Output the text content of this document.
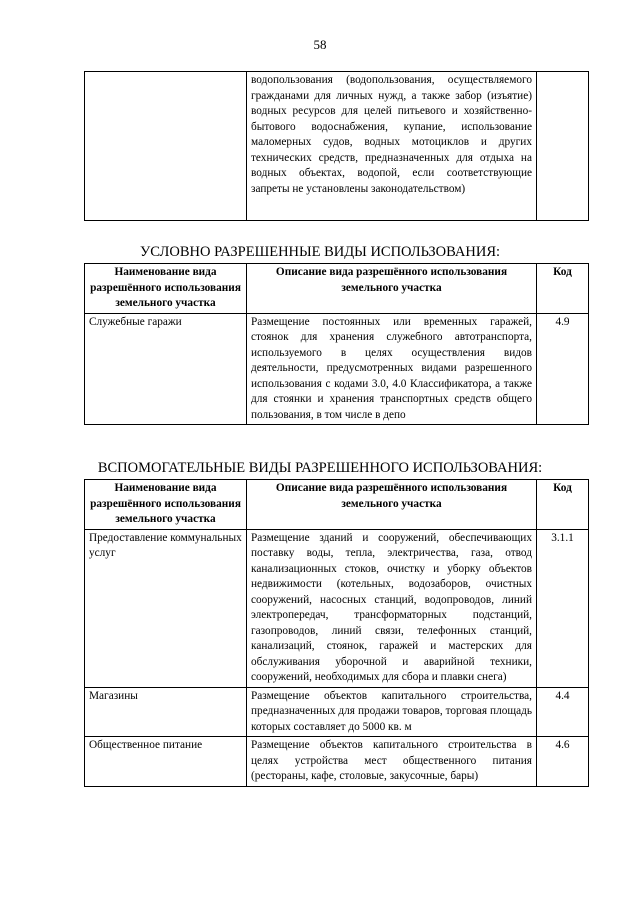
58
	водопользования (водопользования, осуществляемого гражданами для личных нужд, а также забор (изъятие) водных ресурсов для целей питьевого и хозяйственно-бытового водоснабжения, купание, использование маломерных судов, водных мотоциклов и других технических средств, предназначенных для отдыха на водных объектах, водопой, если соответствующие запреты не установлены законодательством)	
УСЛОВНО РАЗРЕШЕННЫЕ ВИДЫ ИСПОЛЬЗОВАНИЯ:
Наименование вида разрешённого использования земельного участка	Описание вида разрешённого использования земельного участка	Код
Служебные гаражи	Размещение постоянных или временных гаражей, стоянок для хранения служебного автотранспорта, используемого в целях осуществления видов деятельности, предусмотренных видами разрешенного использования с кодами 3.0, 4.0 Классификатора, а также для стоянки и хранения транспортных средств общего пользования, в том числе в депо	4.9
ВСПОМОГАТЕЛЬНЫЕ ВИДЫ РАЗРЕШЕННОГО ИСПОЛЬЗОВАНИЯ:
Наименование вида разрешённого использования земельного участка	Описание вида разрешённого использования земельного участка	Код
Предоставление коммунальных услуг	Размещение зданий и сооружений, обеспечивающих поставку воды, тепла, электричества, газа, отвод канализационных стоков, очистку и уборку объектов недвижимости (котельных, водозаборов, очистных сооружений, насосных станций, водопроводов, линий электропередач, трансформаторных подстанций, газопроводов, линий связи, телефонных станций, канализаций, стоянок, гаражей и мастерских для обслуживания уборочной и аварийной техники, сооружений, необходимых для сбора и плавки снега)	3.1.1
Магазины	Размещение объектов капитального строительства, предназначенных для продажи товаров, торговая площадь которых составляет до 5000 кв. м	4.4
Общественное питание	Размещение объектов капитального строительства в целях устройства мест общественного питания (рестораны, кафе, столовые, закусочные, бары)	4.6
